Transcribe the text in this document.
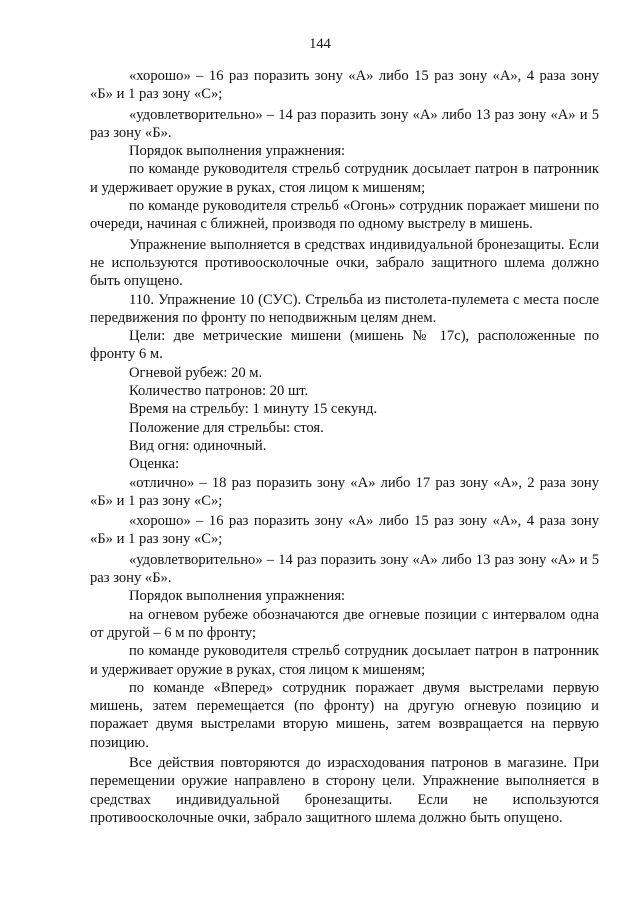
144

«хорошо» – 16 раз поразить зону «А» либо 15 раз зону «А», 4 раза зону «Б» и 1 раз зону «С»;

«удовлетворительно» – 14 раз поразить зону «А» либо 13 раз зону «А» и 5 раз зону «Б».

Порядок выполнения упражнения:

по команде руководителя стрельб сотрудник досылает патрон в патронник и удерживает оружие в руках, стоя лицом к мишеням;

по команде руководителя стрельб «Огонь» сотрудник поражает мишени по очереди, начиная с ближней, производя по одному выстрелу в мишень.

Упражнение выполняется в средствах индивидуальной бронезащиты. Если не используются противоосколочные очки, забрало защитного шлема должно быть опущено.

110. Упражнение 10 (СУС). Стрельба из пистолета-пулемета с места после передвижения по фронту по неподвижным целям днем.

Цели: две метрические мишени (мишень № 17с), расположенные по фронту 6 м.

Огневой рубеж: 20 м.

Количество патронов: 20 шт.

Время на стрельбу: 1 минуту 15 секунд.

Положение для стрельбы: стоя.

Вид огня: одиночный.

Оценка:

«отлично» – 18 раз поразить зону «А» либо 17 раз зону «А», 2 раза зону «Б» и 1 раз зону «С»;

«хорошо» – 16 раз поразить зону «А» либо 15 раз зону «А», 4 раза зону «Б» и 1 раз зону «С»;

«удовлетворительно» – 14 раз поразить зону «А» либо 13 раз зону «А» и 5 раз зону «Б».

Порядок выполнения упражнения:

на огневом рубеже обозначаются две огневые позиции с интервалом одна от другой – 6 м по фронту;

по команде руководителя стрельб сотрудник досылает патрон в патронник и удерживает оружие в руках, стоя лицом к мишеням;

по команде «Вперед» сотрудник поражает двумя выстрелами первую мишень, затем перемещается (по фронту) на другую огневую позицию и поражает двумя выстрелами вторую мишень, затем возвращается на первую позицию.

Все действия повторяются до израсходования патронов в магазине. При перемещении оружие направлено в сторону цели. Упражнение выполняется в средствах индивидуальной бронезащиты. Если не используются противоосколочные очки, забрало защитного шлема должно быть опущено.
